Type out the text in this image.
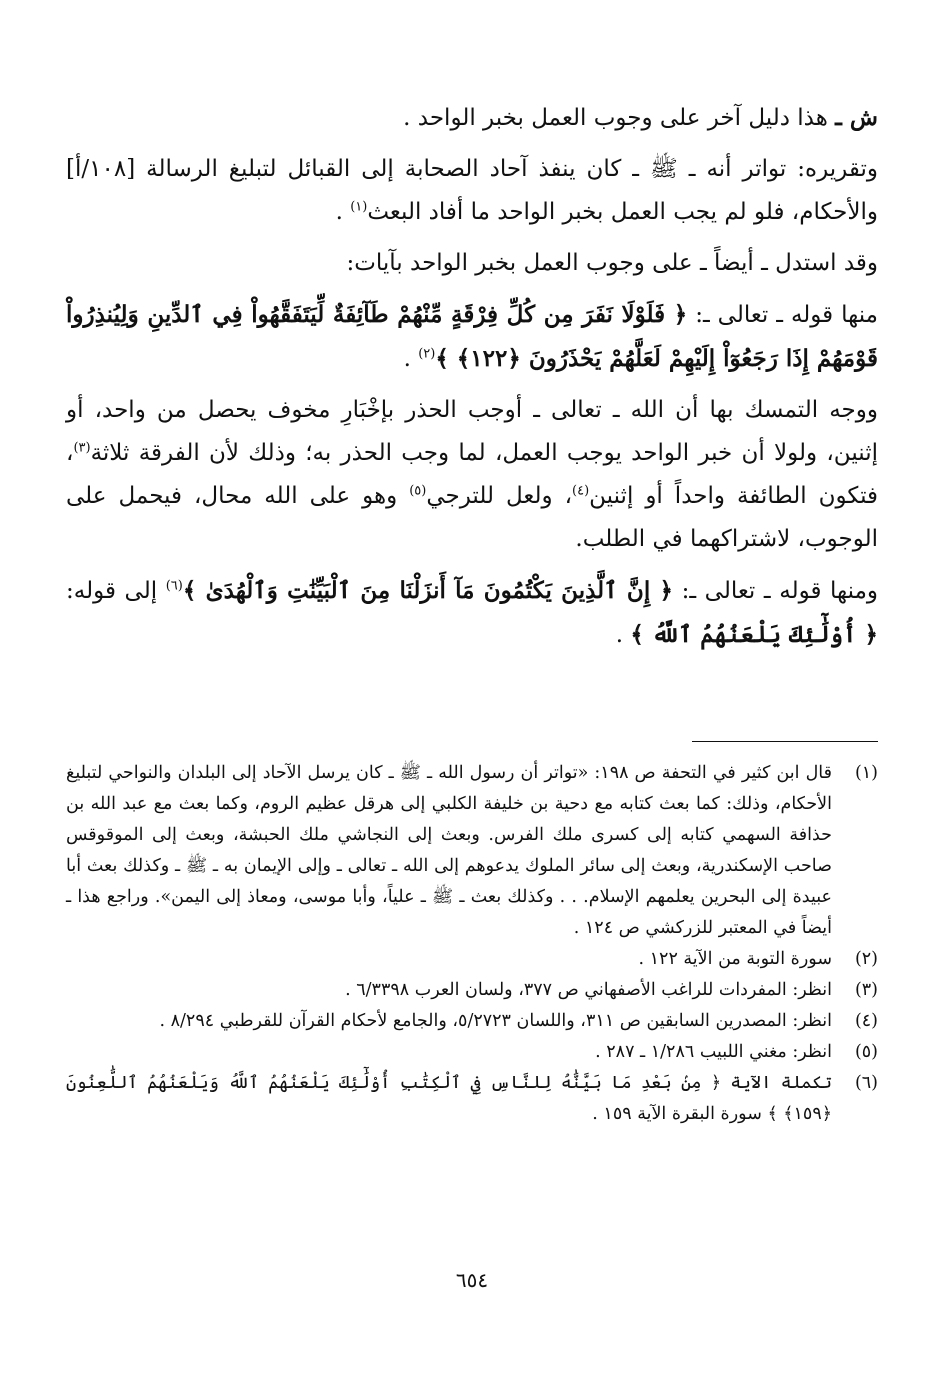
ش ـ هذا دليل آخر على وجوب العمل بخبر الواحد .

وتقريره: تواتر أنه ـ ﷺ ـ كان ينفذ آحاد الصحابة إلى القبائل لتبليغ الرسالة [١٠٨/أ] والأحكام، فلو لم يجب العمل بخبر الواحد ما أفاد البعث$^{(١)}$ .

وقد استدل ـ أيضاً ـ على وجوب العمل بخبر الواحد بآيات:

منها قوله ـ تعالى ـ: ﴿ فَلَوْلَا نَفَرَ مِن كُلِّ فِرْقَةٍ مِّنْهُمْ طَآئِفَةٌ لِّيَتَفَقَّهُواْ فِي ٱلدِّينِ وَلِيُنذِرُواْ قَوْمَهُمْ إِذَا رَجَعُوٓاْ إِلَيْهِمْ لَعَلَّهُمْ يَحْذَرُونَ ﴿١٢٢﴾ ﴾$^{(٢)}$ .

ووجه التمسك بها أن الله ـ تعالى ـ أوجب الحذر بإخْبَارِ مخوف يحصل من واحد، أو إثنين، ولولا أن خبر الواحد يوجب العمل، لما وجب الحذر به؛ وذلك لأن الفرقة ثلاثة$^{(٣)}$، فتكون الطائفة واحداً أو إثنين$^{(٤)}$، ولعل للترجي$^{(٥)}$ وهو على الله محال، فيحمل على الوجوب، لاشتراكهما في الطلب.

ومنها قوله ـ تعالى ـ: ﴿ إِنَّ ٱلَّذِينَ يَكْتُمُونَ مَآ أَنزَلْنَا مِنَ ٱلْبَيِّنَٰتِ وَٱلْهُدَىٰ ﴾$^{(٦)}$ إلى قوله: ﴿ أُوْلَٰٓئِكَ يَلْعَنُهُمُ ٱللَّهُ ﴾ .

(١)
قال ابن كثير في التحفة ص ١٩٨: «تواتر أن رسول الله ـ ﷺ ـ كان يرسل الآحاد إلى البلدان والنواحي لتبليغ الأحكام، وذلك: كما بعث كتابه مع دحية بن خليفة الكلبي إلى هرقل عظيم الروم، وكما بعث مع عبد الله بن حذافة السهمي كتابه إلى كسرى ملك الفرس. وبعث إلى النجاشي ملك الحبشة، وبعث إلى الموقوقس صاحب الإسكندرية، وبعث إلى سائر الملوك يدعوهم إلى الله ـ تعالى ـ وإلى الإيمان به ـ ﷺ ـ وكذلك بعث أبا عبيدة إلى البحرين يعلمهم الإسلام. . . وكذلك بعث ـ ﷺ ـ علياً، وأبا موسى، ومعاذ إلى اليمن». وراجع هذا ـ أيضاً في المعتبر للزركشي ص ١٢٤ .
(٢)
سورة التوبة من الآية ١٢٢ .
(٣)
انظر: المفردات للراغب الأصفهاني ص ٣٧٧، ولسان العرب ٦/٣٣٩٨ .
(٤)
انظر: المصدرين السابقين ص ٣١١، واللسان ٥/٢٧٢٣، والجامع لأحكام القرآن للقرطبي ٨/٢٩٤ .
(٥)
انظر: مغني اللبيب ١/٢٨٦ ـ ٢٨٧ .
(٦)
تكملة الآية ﴿ مِنۢ بَعْدِ مَا بَيَّنَّٰهُ لِلنَّاسِ فِي ٱلْكِتَٰبِ أُوْلَٰٓئِكَ يَلْعَنُهُمُ ٱللَّهُ وَيَلْعَنُهُمُ ٱللَّٰعِنُونَ ﴿١٥٩﴾ ﴾ سورة البقرة الآية ١٥٩ .
٦٥٤
